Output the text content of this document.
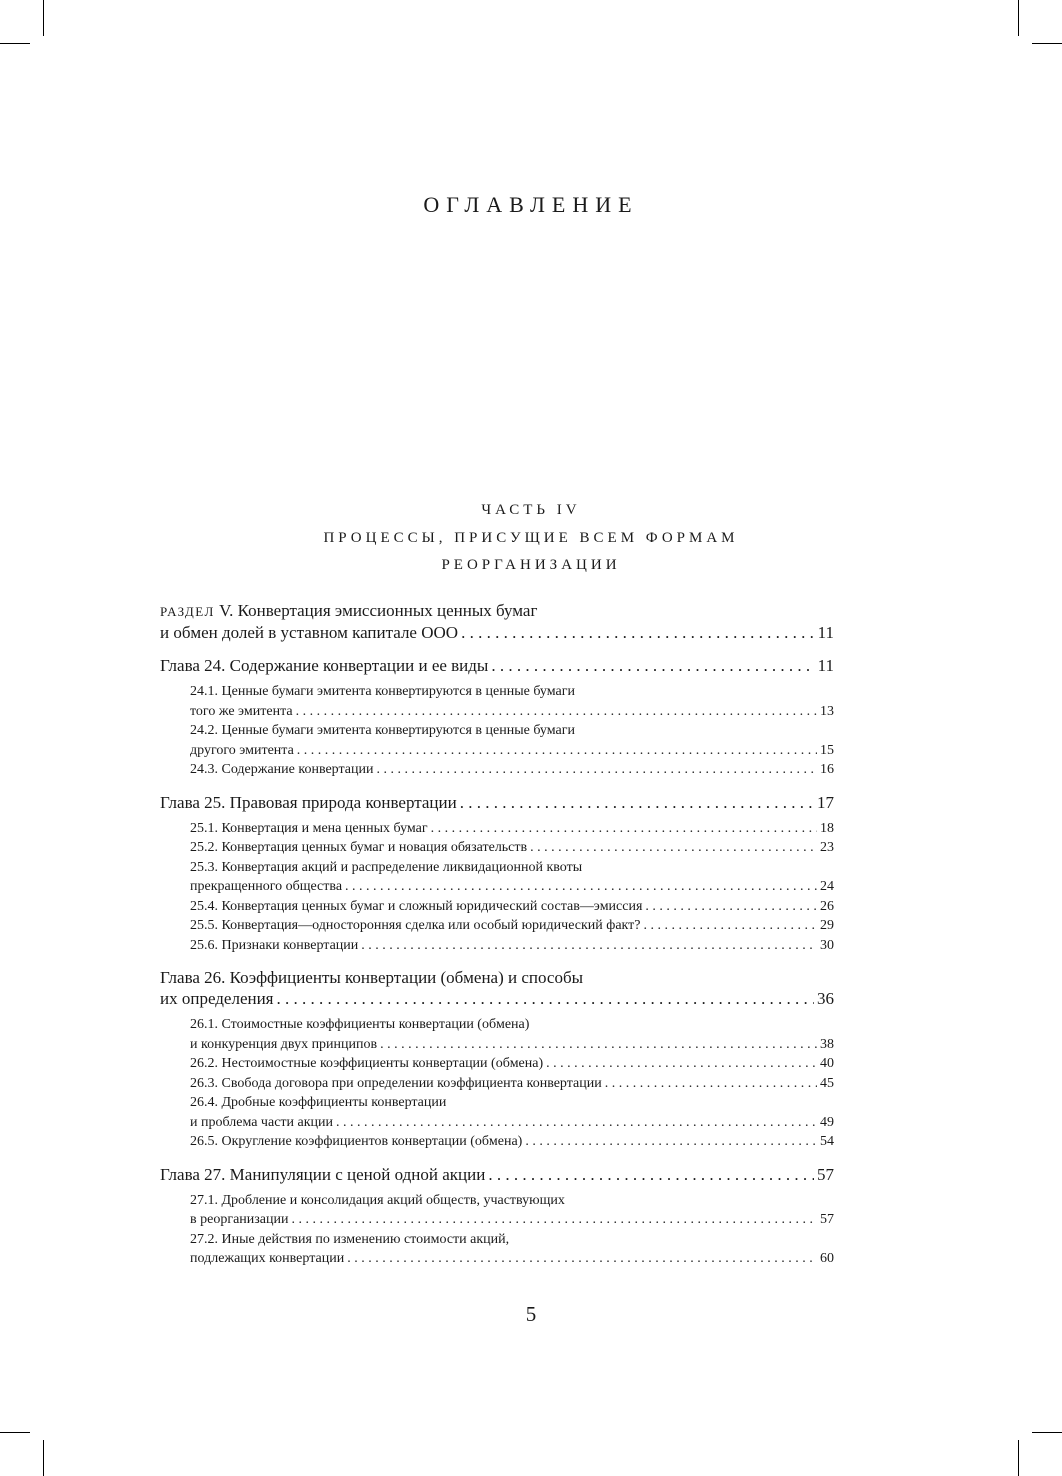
ОГЛАВЛЕНИЕ
ЧАСТЬ IV
ПРОЦЕССЫ, ПРИСУЩИЕ ВСЕМ ФОРМАМ
РЕОРГАНИЗАЦИИ
РАЗДЕЛ V. Конвертация эмиссионных ценных бумаг
и обмен долей в уставном капитале ООО . . .	11
Глава 24. Содержание конвертации и ее виды . . .	11
24.1. Ценные бумаги эмитента конвертируются в ценные бумаги
того же эмитента . . .	13
24.2. Ценные бумаги эмитента конвертируются в ценные бумаги
другого эмитента . . .	15
24.3. Содержание конвертации . . .	16
Глава 25. Правовая природа конвертации . . .	17
25.1. Конвертация и мена ценных бумаг . . .	18
25.2. Конвертация ценных бумаг и новация обязательств . . .	23
25.3. Конвертация акций и распределение ликвидационной квоты
прекращенного общества . . .	24
25.4. Конвертация ценных бумаг и сложный юридический состав—эмиссия . . .	26
25.5. Конвертация—односторонняя сделка или особый юридический факт? . . .	29
25.6. Признаки конвертации . . .	30
Глава 26. Коэффициенты конвертации (обмена) и способы
их определения . . .	36
26.1. Стоимостные коэффициенты конвертации (обмена)
и конкуренция двух принципов . . .	38
26.2. Нестоимостные коэффициенты конвертации (обмена) . . .	40
26.3. Свобода договора при определении коэффициента конвертации . . .	45
26.4. Дробные коэффициенты конвертации
и проблема части акции . . .	49
26.5. Округление коэффициентов конвертации (обмена) . . .	54
Глава 27. Манипуляции с ценой одной акции . . .	57
27.1. Дробление и консолидация акций обществ, участвующих
в реорганизации . . .	57
27.2. Иные действия по изменению стоимости акций,
подлежащих конвертации . . .	60
5
